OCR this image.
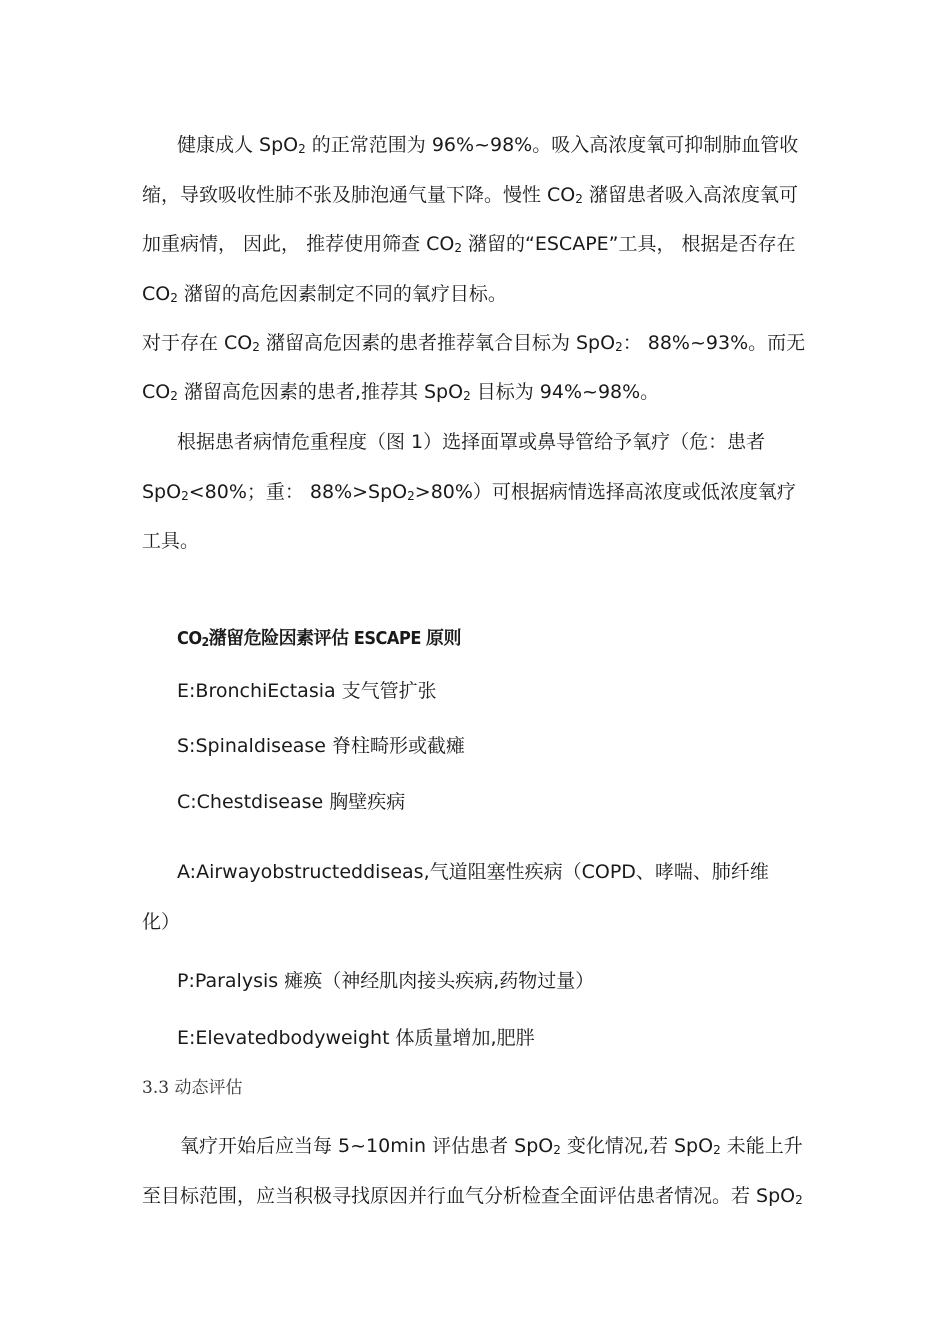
健康成人 SpO$_2$ 的正常范围为 96%~98%。吸入高浓度氧可抑制肺血管收
缩，导致吸收性肺不张及肺泡通气量下降。慢性 $CO_2$ 潴留患者吸入高浓度氧可
加重病情， 因此， 推荐使用筛查 $CO_2$ 潴留的“ESCAPE”工具， 根据是否存在
$CO_2$ 潴留的高危因素制定不同的氧疗目标。
对于存在 $CO_2$ 潴留高危因素的患者推荐氧合目标为 SpO$_2$： 88%~93%。而无
$CO_2$ 潴留高危因素的患者,推荐其 SpO$_2$ 目标为 94%~98%。
根据患者病情危重程度（图 1）选择面罩或鼻导管给予氧疗（危：患者
SpO$_2$<80%；重： 88%>SpO$_2$>80%）可根据病情选择高浓度或低浓度氧疗
工具。
$CO_2$潴留危险因素评估 ESCAPE 原则
E:BronchiEctasia 支气管扩张
S:Spinaldisease 脊柱畸形或截瘫
C:Chestdisease 胸壁疾病
A:Airwayobstructeddiseas,气道阻塞性疾病（COPD、哮喘、肺纤维
化）
P:Paralysis 瘫痪（神经肌肉接头疾病,药物过量）
E:Elevatedbodyweight 体质量增加,肥胖
3.3 动态评估
氧疗开始后应当每 5~10min 评估患者 SpO$_2$ 变化情况,若 SpO$_2$ 未能上升
至目标范围，应当积极寻找原因并行血气分析检查全面评估患者情况。若 SpO$_2$
